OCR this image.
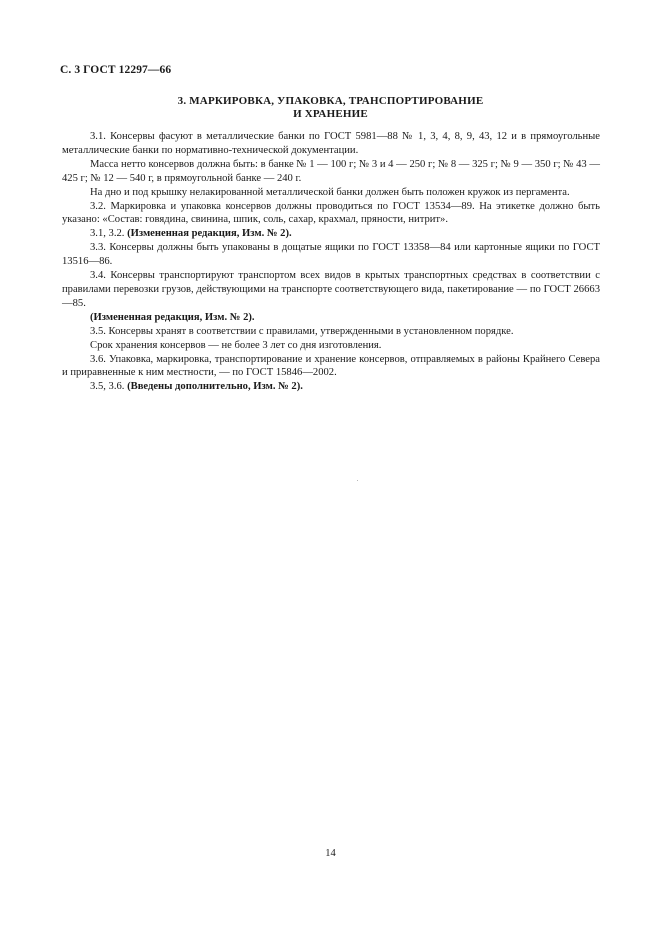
С. 3 ГОСТ 12297—66
3. МАРКИРОВКА, УПАКОВКА, ТРАНСПОРТИРОВАНИЕ
И ХРАНЕНИЕ

3.1. Консервы фасуют в металлические банки по ГОСТ 5981—88 № 1, 3, 4, 8, 9, 43, 12 и в прямоугольные металлические банки по нормативно-технической документации.

Масса нетто консервов должна быть: в банке № 1 — 100 г; № 3 и 4 — 250 г; № 8 — 325 г; № 9 — 350 г; № 43 — 425 г; № 12 — 540 г, в прямоугольной банке — 240 г.

На дно и под крышку нелакированной металлической банки должен быть положен кружок из пергамента.

3.2. Маркировка и упаковка консервов должны проводиться по ГОСТ 13534—89. На этикетке должно быть указано: «Состав: говядина, свинина, шпик, соль, сахар, крахмал, пряности, нитрит».

3.1, 3.2. (Измененная редакция, Изм. № 2).

3.3. Консервы должны быть упакованы в дощатые ящики по ГОСТ 13358—84 или картонные ящики по ГОСТ 13516—86.

3.4. Консервы транспортируют транспортом всех видов в крытых транспортных средствах в соответствии с правилами перевозки грузов, действующими на транспорте соответствующего вида, пакетирование — по ГОСТ 26663—85.

(Измененная редакция, Изм. № 2).

3.5. Консервы хранят в соответствии с правилами, утвержденными в установленном порядке.

Срок хранения консервов — не более 3 лет со дня изготовления.

3.6. Упаковка, маркировка, транспортирование и хранение консервов, отправляемых в районы Крайнего Севера и приравненные к ним местности, — по ГОСТ 15846—2002.

3.5, 3.6. (Введены дополнительно, Изм. № 2).

14
